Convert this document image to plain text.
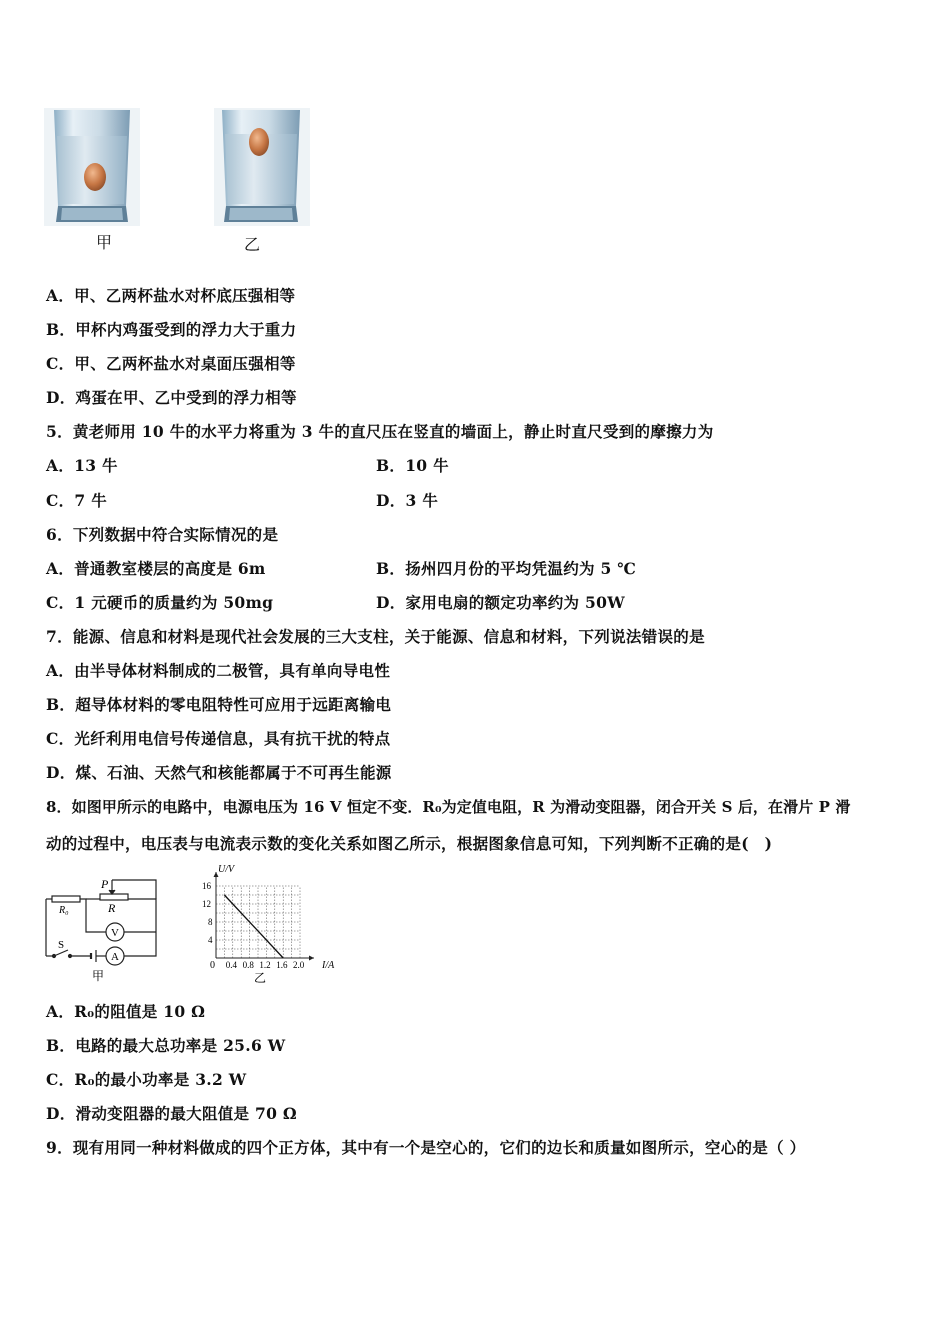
甲	乙
A．甲、乙两杯盐水对杯底压强相等
B．甲杯内鸡蛋受到的浮力大于重力
C．甲、乙两杯盐水对桌面压强相等
D．鸡蛋在甲、乙中受到的浮力相等
5．黄老师用 10 牛的水平力将重为 3 牛的直尺压在竖直的墙面上，静止时直尺受到的摩擦力为
A．13 牛	B．10 牛
C．7 牛	D．3 牛
6．下列数据中符合实际情况的是
A．普通教室楼层的高度是 6m	B．扬州四月份的平均凭温约为 5 ℃
C．1 元硬币的质量约为 50mg	D．家用电扇的额定功率约为 50W
7．能源、信息和材料是现代社会发展的三大支柱，关于能源、信息和材料，下列说法错误的是
A．由半导体材料制成的二极管，具有单向导电性
B．超导体材料的零电阻特性可应用于远距离输电
C．光纤利用电信号传递信息，具有抗干扰的特点
D．煤、石油、天然气和核能都属于不可再生能源
8．如图甲所示的电路中，电源电压为 16 V 恒定不变．R₀为定值电阻，R 为滑动变阻器，闭合开关 S 后，在滑片 P 滑
动的过程中，电压表与电流表示数的变化关系如图乙所示，根据图象信息可知，下列判断不正确的是(　)
P
R₀	R
V
A
S
甲
0.4 0.8 1.2 1.6 2.0
4
8
12
16
U/V
I/A
0
乙
A．R₀的阻值是 10 Ω
B．电路的最大总功率是 25.6 W
C．R₀的最小功率是 3.2 W
D．滑动变阻器的最大阻值是 70 Ω
9．现有用同一种材料做成的四个正方体，其中有一个是空心的，它们的边长和质量如图所示，空心的是（ ）
